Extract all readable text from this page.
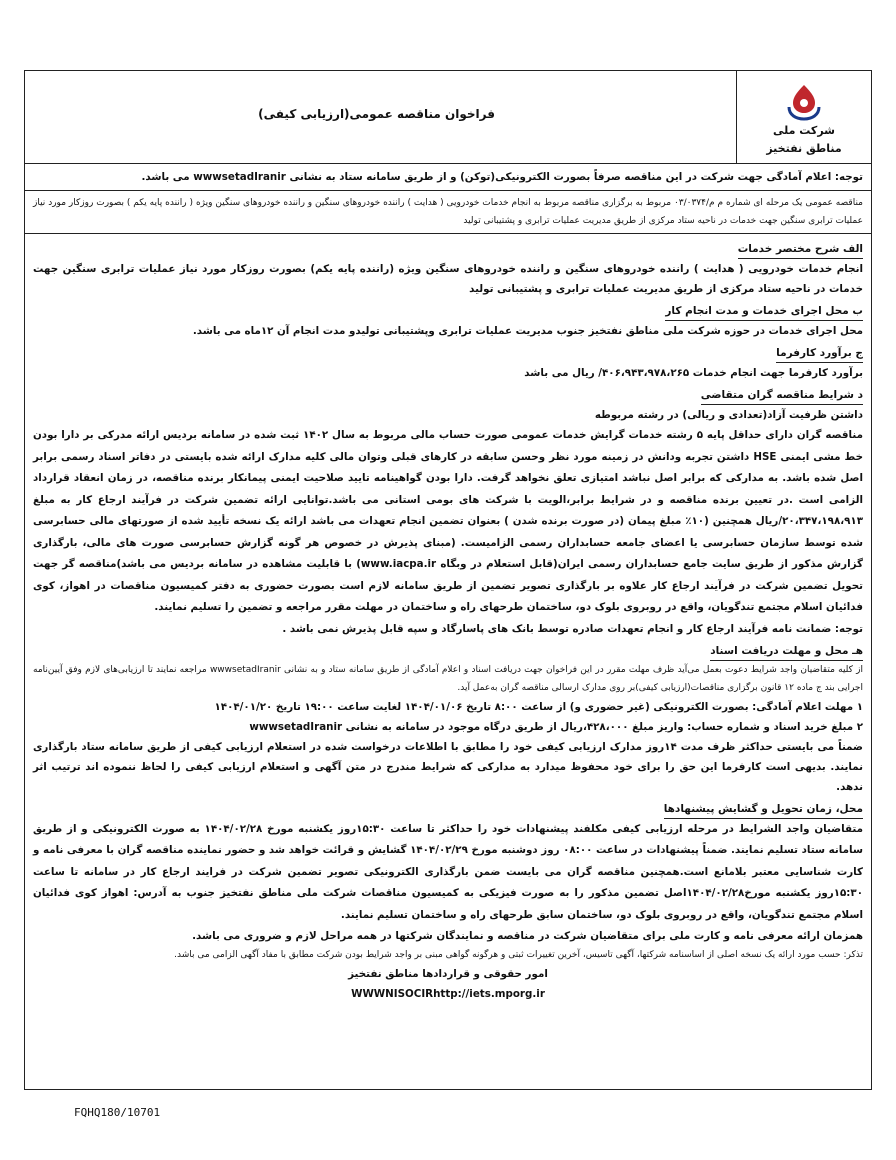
شرکت ملی
مناطق نفتخیز
فراخوان مناقصه عمومی(ارزیابی کیفی)
توجه: اعلام آمادگی جهت شرکت در این مناقصه صرفاً بصورت الکترونیکی(توکن) و از طریق سامانه ستاد به نشانی wwwsetadIranir می باشد.
مناقصه عمومی یک مرحله ای شماره م م/۰۳/۰۳۷۴ مربوط به برگزاری مناقصه مربوط به انجام خدمات خودرویی ( هدایت ) راننده خودروهای سنگین و راننده خودروهای سنگین ویژه ( راننده پایه یکم ) بصورت روزکار مورد نیاز عملیات ترابری سنگین جهت خدمات در ناحیه ستاد مرکزی از طریق مدیریت عملیات ترابری و پشتیبانی تولید
الف شرح مختصر خدمات
انجام خدمات خودرویی ( هدایت ) راننده خودروهای سنگین و راننده خودروهای سنگین ویژه (راننده پایه یکم) بصورت روزکار مورد نیاز عملیات ترابری سنگین جهت خدمات در ناحیه ستاد مرکزی از طریق مدیریت عملیات ترابری و پشتیبانی تولید
ب محل اجرای خدمات و مدت انجام کار
محل اجرای خدمات در حوزه شرکت ملی مناطق نفتخیز جنوب مدیریت عملیات ترابری وپشتیبانی تولیدو مدت انجام آن ۱۲ماه می باشد.
ج برآورد کارفرما
برآورد کارفرما جهت انجام خدمات ۴۰۶،۹۴۳،۹۷۸،۲۶۵/ ریال می باشد
د شرایط مناقصه گران متقاضی
داشتن ظرفیت آزاد(تعدادی و ریالی) در رشته مربوطه
مناقصه گران دارای حداقل پایه ۵ رشته خدمات گرایش خدمات عمومی صورت حساب مالی مربوط به سال ۱۴۰۲ ثبت شده در سامانه بردیس ارائه مدرکی بر دارا بودن خط مشی ایمنی HSE داشتن تجربه ودانش در زمینه مورد نظر وحسن سابقه در کارهای قبلی وتوان مالی کلیه مدارک ارائه شده بایستی در دفاتر اسناد رسمی برابر اصل شده باشد. به مدارکی که برابر اصل نباشد امتیازی تعلق نخواهد گرفت. دارا بودن گواهینامه تایید صلاحیت ایمنی پیمانکار برنده مناقصه، در زمان انعقاد قرارداد الزامی است .در تعیین برنده مناقصه و در شرایط برابر،الویت با شرکت های بومی استانی می باشد.توانایی ارائه تضمین شرکت در فرآیند ارجاع کار به مبلغ ۲۰،۳۴۷،۱۹۸،۹۱۳/ریال همچنین (۱۰٪ مبلغ پیمان (در صورت برنده شدن ) بعنوان تضمین انجام تعهدات می باشد ارائه یک نسخه تأیید شده از صورتهای مالی حسابرسی شده توسط سازمان حسابرسی یا اعضای جامعه حسابداران رسمی الزامیست. (مبنای پذیرش در خصوص هر گونه گزارش حسابرسی صورت های مالی، بارگذاری گزارش مذکور از طریق سایت جامع حسابداران رسمی ایران(قابل استعلام در وبگاه www.iacpa.ir) با قابلیت مشاهده در سامانه بردیس می باشد)مناقصه گر جهت تحویل تضمین شرکت در فرآیند ارجاع کار علاوه بر بارگذاری تصویر تضمین از طریق سامانه لازم است بصورت حضوری به دفتر کمیسیون مناقصات در اهواز، کوی فدائیان اسلام مجتمع تندگویان، واقع در روبروی بلوک دو، ساختمان طرحهای راه و ساختمان در مهلت مقرر مراجعه و تضمین را تسلیم نمایند.
توجه: ضمانت نامه فرآیند ارجاع کار و انجام تعهدات صادره توسط بانک های پاسارگاد و سپه قابل پذیرش نمی باشد .
هـ محل و مهلت دریافت اسناد
از کلیه متقاضیان واجد شرایط دعوت بعمل می‌آید ظرف مهلت مقرر در این فراخوان جهت دریافت اسناد و اعلام آمادگی از طریق سامانه ستاد و به نشانی wwwsetadIranir مراجعه نمایند تا ارزیابی‌های لازم وفق آیین‌نامه اجرایی بند ج ماده ۱۲ قانون برگزاری مناقصات(ارزیابی کیفی)بر روی مدارک ارسالی مناقصه گران به‌عمل آید.
۱ مهلت اعلام آمادگی: بصورت الکترونیکی (غیر حضوری و) از ساعت ۸:۰۰ تاریخ ۱۴۰۴/۰۱/۰۶ لغایت ساعت ۱۹:۰۰ تاریخ ۱۴۰۴/۰۱/۲۰
۲ مبلغ خرید اسناد و شماره حساب: واریز مبلغ ۴۲۸،۰۰۰،ریال از طریق درگاه موجود در سامانه به نشانی wwwsetadIranir
ضمناً می بایستی حداکثر ظرف مدت ۱۴روز مدارک ارزیابی کیفی خود را مطابق با اطلاعات درخواست شده در استعلام ارزیابی کیفی از طریق سامانه ستاد بارگذاری نمایند. بدیهی است کارفرما این حق را برای خود محفوظ میدارد به مدارکی که شرایط مندرج در متن آگهی و استعلام ارزیابی کیفی را لحاظ ننموده اند ترتیب اثر ندهد.
محل، زمان تحویل و گشایش پیشنهادها
متقاضیان واجد الشرایط در مرحله ارزیابی کیفی مکلفند پیشنهادات خود را حداکثر تا ساعت ۱۵:۳۰روز یکشنبه مورخ ۱۴۰۴/۰۲/۲۸ به صورت الکترونیکی و از طریق سامانه ستاد تسلیم نمایند. ضمناً پیشنهادات در ساعت ۰۸:۰۰ روز دوشنبه مورخ ۱۴۰۴/۰۲/۲۹ گشایش و قرائت خواهد شد و حضور نماینده مناقصه گران با معرفی نامه و کارت شناسایی معتبر بلامانع است.همچنین مناقصه گران می بایست ضمن بارگذاری الکترونیکی تصویر تضمین شرکت در فرایند ارجاع کار در سامانه تا ساعت ۱۵:۳۰روز یکشنبه مورخ۱۴۰۴/۰۲/۲۸اصل تضمین مذکور را به صورت فیزیکی به کمیسیون مناقصات شرکت ملی مناطق نفتخیز جنوب به آدرس: اهواز کوی فدائیان اسلام مجتمع تندگویان، واقع در روبروی بلوک دو، ساختمان سابق طرحهای راه و ساختمان تسلیم نمایند.
همزمان ارائه معرفی نامه و کارت ملی برای متقاضیان شرکت در مناقصه و نمایندگان شرکتها در همه مراحل لازم و ضروری می باشد.
تذکر: حسب مورد ارائه یک نسخه اصلی از اساسنامه شرکتها، آگهی تاسیس، آخرین تغییرات ثبتی و هرگونه گواهی مبنی بر واجد شرایط بودن شرکت مطابق با مفاد آگهی الزامی می باشد.
امور حقوقی و قراردادها مناطق نفتخیز
WWWNISOCIRhttp://iets.mporg.ir
FQHQ180/10701
